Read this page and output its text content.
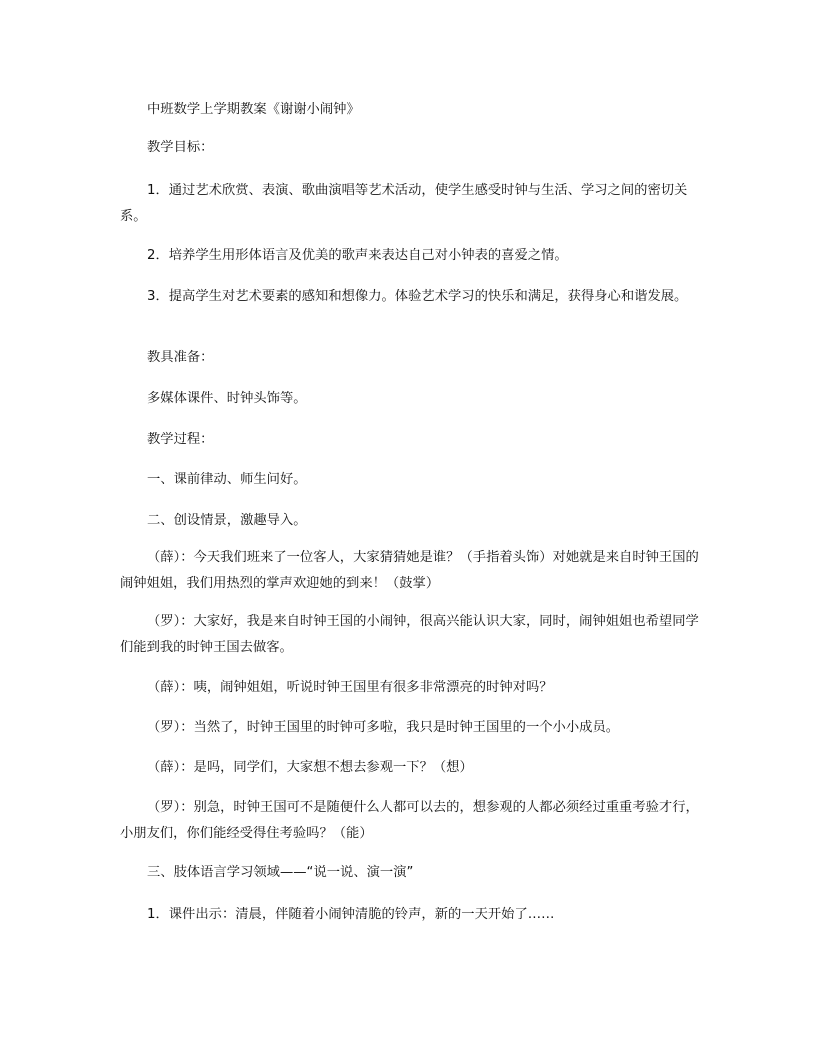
中班数学上学期教案《谢谢小闹钟》
教学目标：
1．通过艺术欣赏、表演、歌曲演唱等艺术活动，使学生感受时钟与生活、学习之间的密切关系。
2．培养学生用形体语言及优美的歌声来表达自己对小钟表的喜爱之情。
3．提高学生对艺术要素的感知和想像力。体验艺术学习的快乐和满足，获得身心和谐发展。
教具准备：
多媒体课件、时钟头饰等。
教学过程：
一、课前律动、师生问好。
二、创设情景，激趣导入。
（薛）：今天我们班来了一位客人，大家猜猜她是谁？（手指着头饰）对她就是来自时钟王国的闹钟姐姐，我们用热烈的掌声欢迎她的到来！（鼓掌）
（罗）：大家好，我是来自时钟王国的小闹钟，很高兴能认识大家，同时，闹钟姐姐也希望同学们能到我的时钟王国去做客。
（薛）：咦，闹钟姐姐，听说时钟王国里有很多非常漂亮的时钟对吗？
（罗）：当然了，时钟王国里的时钟可多啦，我只是时钟王国里的一个小小成员。
（薛）：是吗，同学们，大家想不想去参观一下？（想）
（罗）：别急，时钟王国可不是随便什么人都可以去的，想参观的人都必须经过重重考验才行，小朋友们，你们能经受得住考验吗？（能）
三、肢体语言学习领域——“说一说、演一演”
1．课件出示：清晨，伴随着小闹钟清脆的铃声，新的一天开始了……
